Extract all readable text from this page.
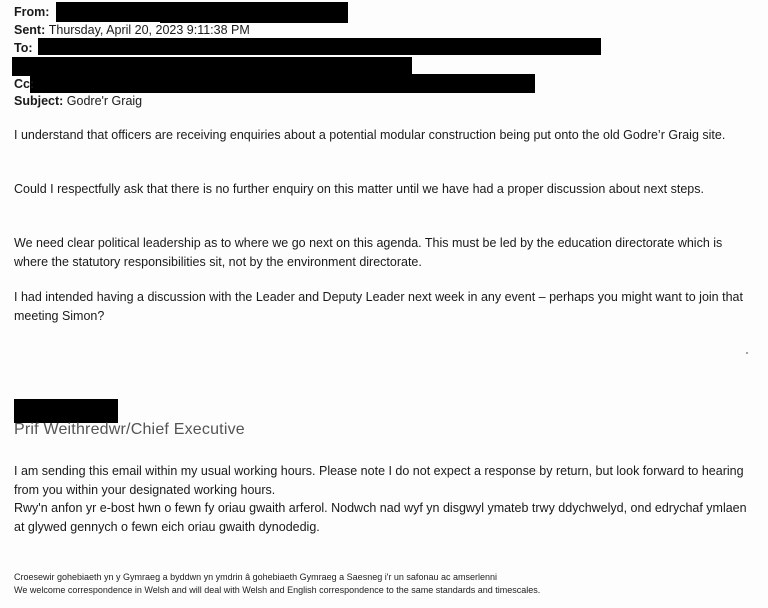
From:
Sent: Thursday, April 20, 2023 9:11:38 PM
To:
Cc:
Subject: Godre'r Graig

I understand that officers are receiving enquiries about a potential modular construction being put onto the old Godre’r Graig site.

Could I respectfully ask that there is no further enquiry on this matter until we have had a proper discussion about next steps.

We need clear political leadership as to where we go next on this agenda. This must be led by the education directorate which is where the statutory responsibilities sit, not by the environment directorate.

I had intended having a discussion with the Leader and Deputy Leader next week in any event – perhaps you might want to join that meeting Simon?

Prif Weithredwr/Chief Executive

I am sending this email within my usual working hours. Please note I do not expect a response by return, but look forward to hearing from you within your designated working hours.

Rwy'n anfon yr e-bost hwn o fewn fy oriau gwaith arferol. Nodwch nad wyf yn disgwyl ymateb trwy ddychwelyd, ond edrychaf ymlaen at glywed gennych o fewn eich oriau gwaith dynodedig.

Croesewir gohebiaeth yn y Gymraeg a byddwn yn ymdrin â gohebiaeth Gymraeg a Saesneg i'r un safonau ac amserlenni
We welcome correspondence in Welsh and will deal with Welsh and English correspondence to the same standards and timescales.
